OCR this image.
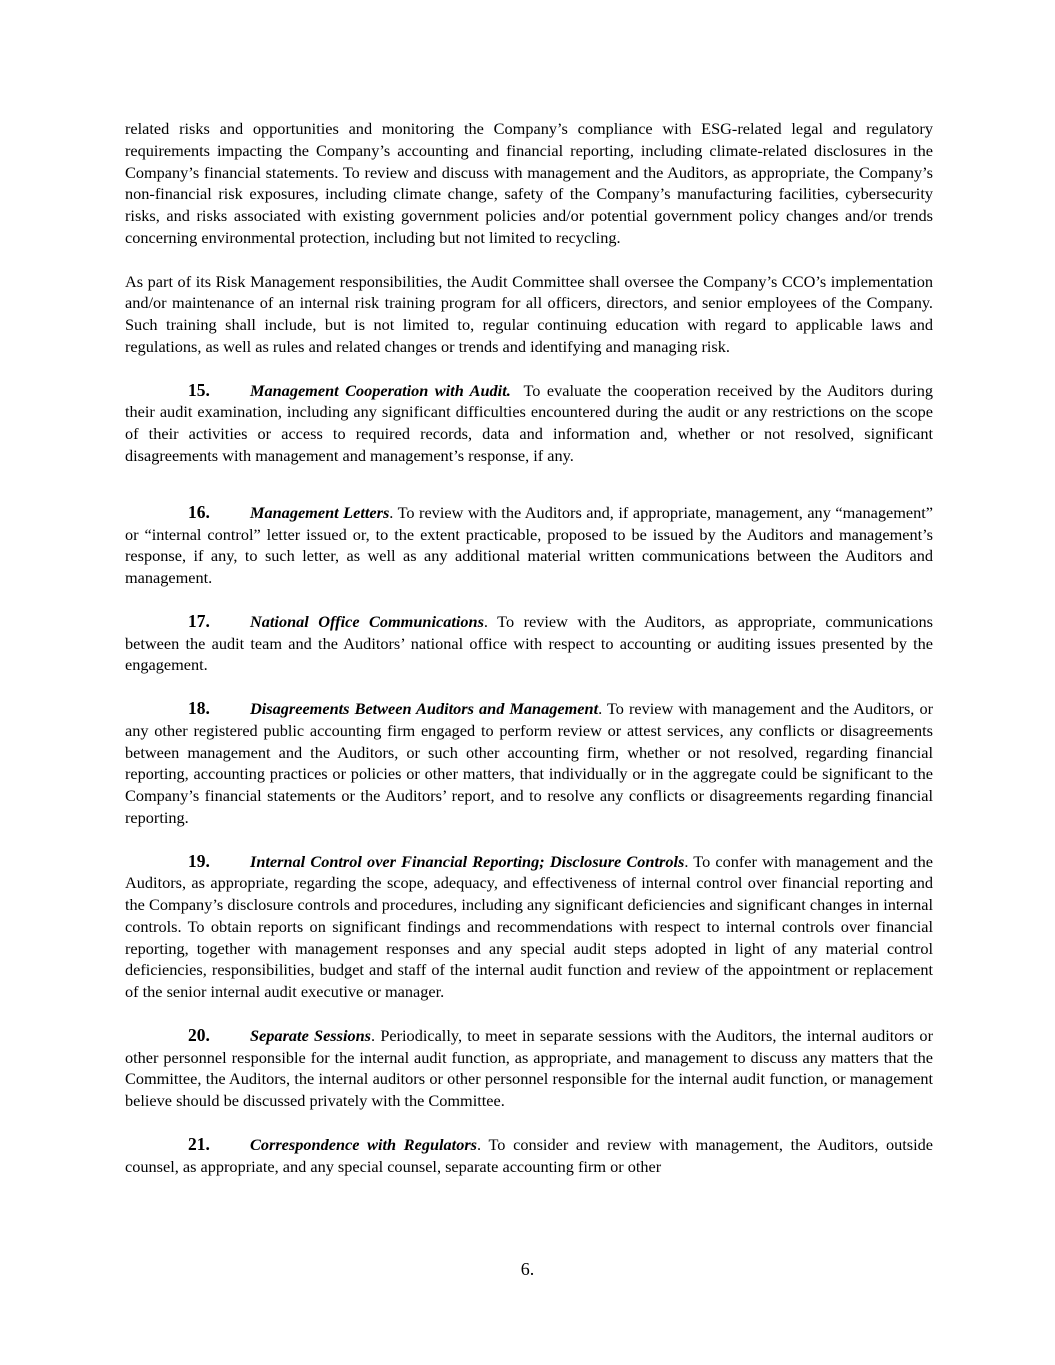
related risks and opportunities and monitoring the Company’s compliance with ESG-related legal and regulatory requirements impacting the Company’s accounting and financial reporting, including climate-related disclosures in the Company’s financial statements. To review and discuss with management and the Auditors, as appropriate, the Company’s non-financial risk exposures, including climate change, safety of the Company’s manufacturing facilities, cybersecurity risks, and risks associated with existing government policies and/or potential government policy changes and/or trends concerning environmental protection, including but not limited to recycling.

As part of its Risk Management responsibilities, the Audit Committee shall oversee the Company’s CCO’s implementation and/or maintenance of an internal risk training program for all officers, directors, and senior employees of the Company. Such training shall include, but is not limited to, regular continuing education with regard to applicable laws and regulations, as well as rules and related changes or trends and identifying and managing risk.

15. Management Cooperation with Audit. To evaluate the cooperation received by the Auditors during their audit examination, including any significant difficulties encountered during the audit or any restrictions on the scope of their activities or access to required records, data and information and, whether or not resolved, significant disagreements with management and management’s response, if any.

16. Management Letters. To review with the Auditors and, if appropriate, management, any “management” or “internal control” letter issued or, to the extent practicable, proposed to be issued by the Auditors and management’s response, if any, to such letter, as well as any additional material written communications between the Auditors and management.

17. National Office Communications. To review with the Auditors, as appropriate, communications between the audit team and the Auditors’ national office with respect to accounting or auditing issues presented by the engagement.

18. Disagreements Between Auditors and Management. To review with management and the Auditors, or any other registered public accounting firm engaged to perform review or attest services, any conflicts or disagreements between management and the Auditors, or such other accounting firm, whether or not resolved, regarding financial reporting, accounting practices or policies or other matters, that individually or in the aggregate could be significant to the Company’s financial statements or the Auditors’ report, and to resolve any conflicts or disagreements regarding financial reporting.

19. Internal Control over Financial Reporting; Disclosure Controls. To confer with management and the Auditors, as appropriate, regarding the scope, adequacy, and effectiveness of internal control over financial reporting and the Company’s disclosure controls and procedures, including any significant deficiencies and significant changes in internal controls. To obtain reports on significant findings and recommendations with respect to internal controls over financial reporting, together with management responses and any special audit steps adopted in light of any material control deficiencies, responsibilities, budget and staff of the internal audit function and review of the appointment or replacement of the senior internal audit executive or manager.

20. Separate Sessions. Periodically, to meet in separate sessions with the Auditors, the internal auditors or other personnel responsible for the internal audit function, as appropriate, and management to discuss any matters that the Committee, the Auditors, the internal auditors or other personnel responsible for the internal audit function, or management believe should be discussed privately with the Committee.

21. Correspondence with Regulators. To consider and review with management, the Auditors, outside counsel, as appropriate, and any special counsel, separate accounting firm or other

6.
